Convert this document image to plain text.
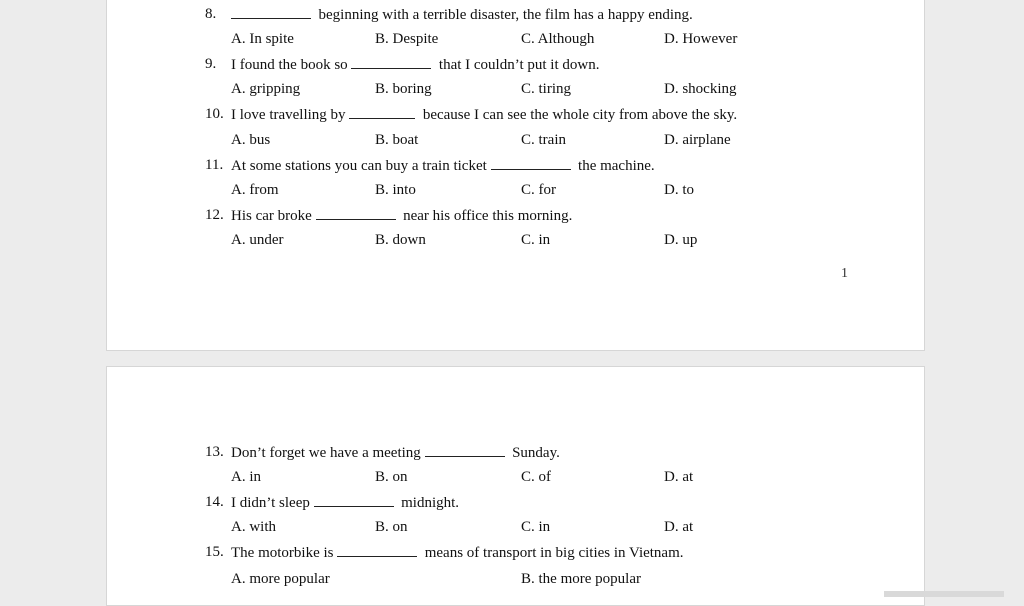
8.	beginning with a terrible disaster, the film has a happy ending.
A. In spite	B. Despite	C. Although	D. However
9. I found the book so	that I couldn’t put it down.
A. gripping	B. boring	C. tiring	D. shocking
10. I love travelling by	because I can see the whole city from above the sky.
A. bus	B. boat	C. train	D. airplane
11. At some stations you can buy a train ticket	the machine.
A. from	B. into	C. for	D. to
12. His car broke	near his office this morning.
A. under	B. down	C. in	D. up
1
13. Don’t forget we have a meeting	Sunday.
A. in	B. on	C. of	D. at
14. I didn’t sleep	midnight.
A. with	B. on	C. in	D. at
15. The motorbike is	means of transport in big cities in Vietnam.
A. more popular	B. the more popular
